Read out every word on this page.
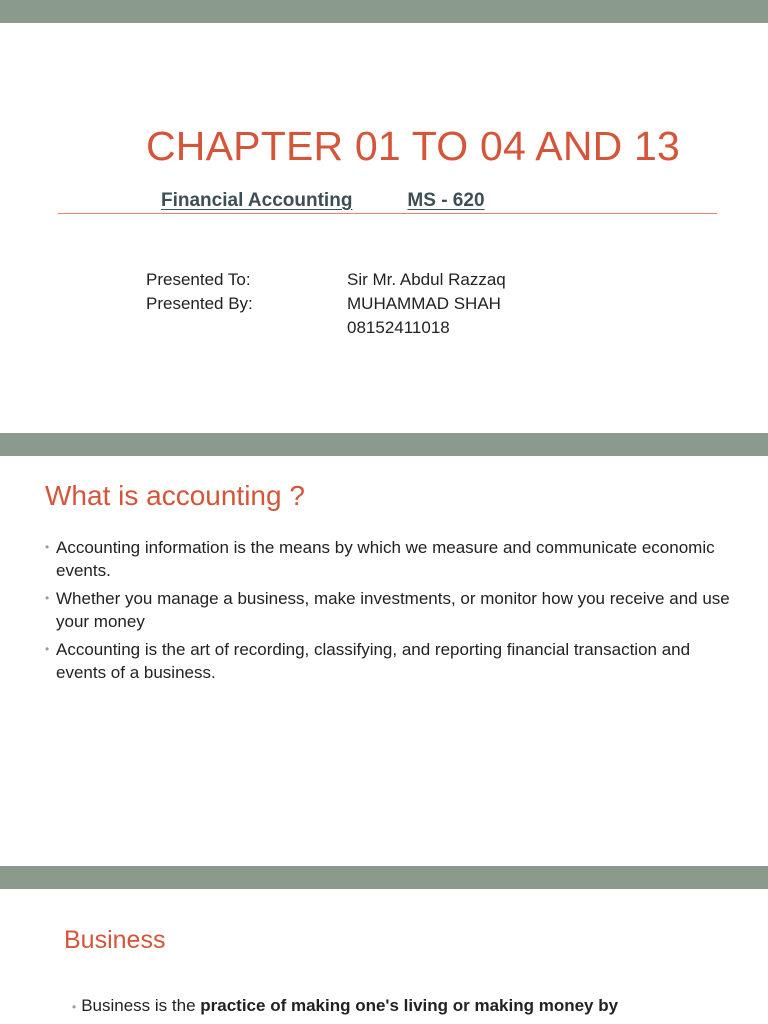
CHAPTER 01 TO 04 AND 13
Financial Accounting	MS - 620
Presented To:
Presented By:
Sir Mr. Abdul Razzaq
MUHAMMAD SHAH
08152411018
What is accounting ?
• Accounting information is the means by which we measure and communicate economic events.
• Whether you manage a business, make investments, or monitor how you receive and use your money
• Accounting is the art of recording, classifying, and reporting financial transaction and events of a business.
Business
• Business is the practice of making one's living or making money by
